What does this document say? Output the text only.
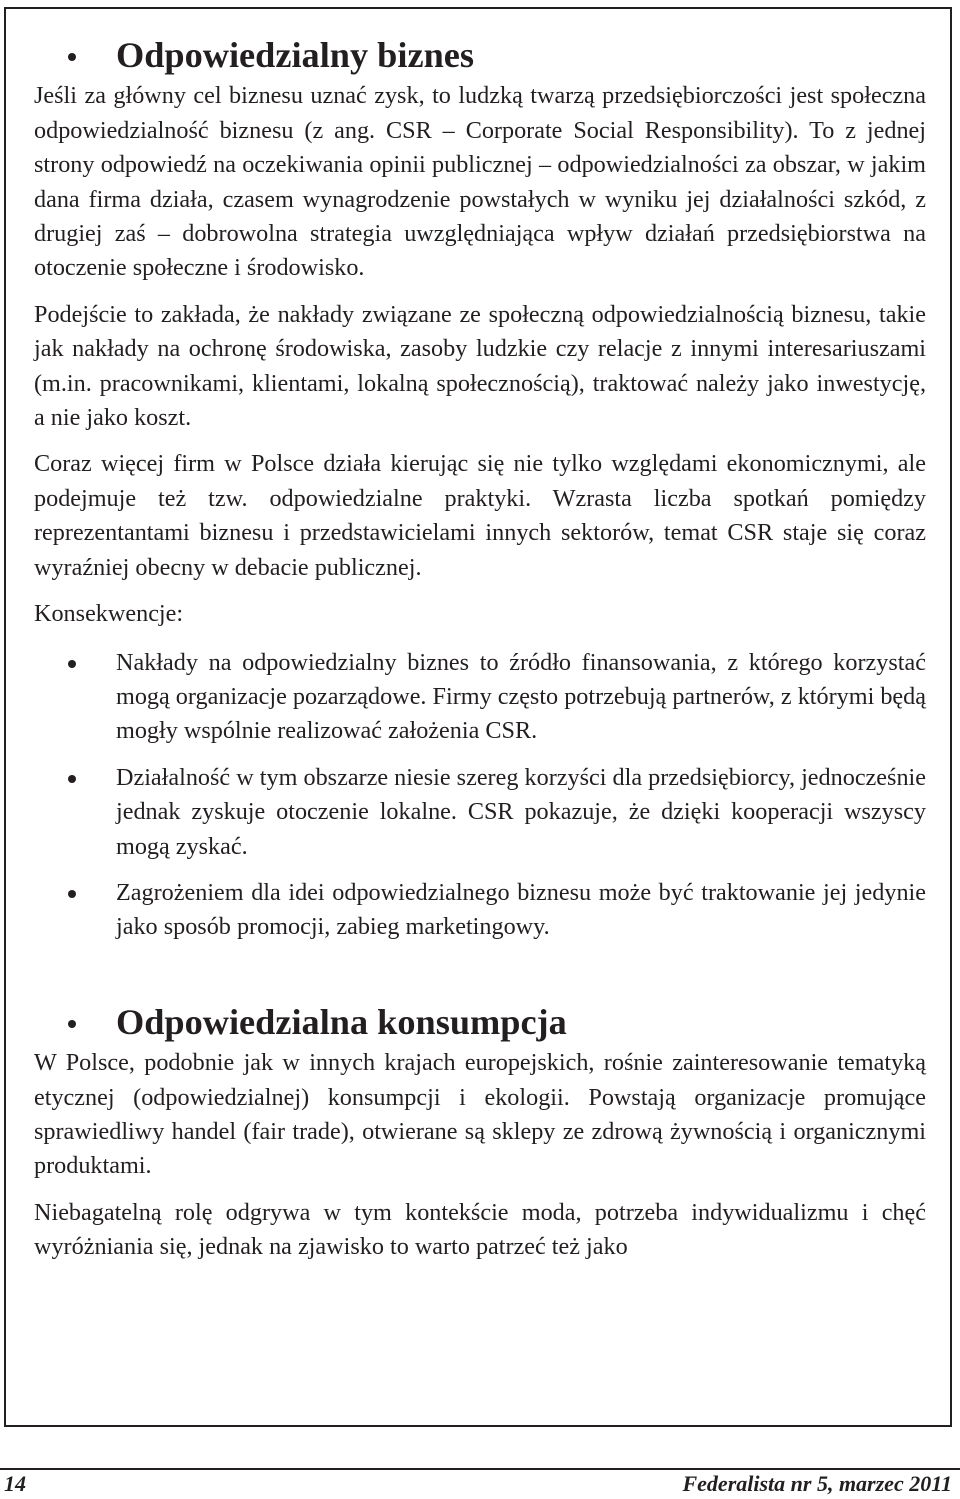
Odpowiedzialny biznes

Jeśli za główny cel biznesu uznać zysk, to ludzką twarzą przedsiębiorczości jest społeczna odpowiedzialność biznesu (z ang. CSR – Corporate Social Responsibility). To z jednej strony odpowiedź na oczekiwania opinii publicznej – odpowiedzialności za obszar, w jakim dana firma działa, czasem wynagrodzenie powstałych w wyniku jej działalności szkód, z drugiej zaś – dobrowolna strategia uwzględniająca wpływ działań przedsiębiorstwa na otoczenie społeczne i środowisko.

Podejście to zakłada, że nakłady związane ze społeczną odpowiedzialnością biznesu, takie jak nakłady na ochronę środowiska, zasoby ludzkie czy relacje z innymi interesariuszami (m.in. pracownikami, klientami, lokalną społecznością), traktować należy jako inwestycję, a nie jako koszt.

Coraz więcej firm w Polsce działa kierując się nie tylko względami ekonomicznymi, ale podejmuje też tzw. odpowiedzialne praktyki. Wzrasta liczba spotkań pomiędzy reprezentantami biznesu i przedstawicielami innych sektorów, temat CSR staje się coraz wyraźniej obecny w debacie publicznej.

Konsekwencje:

Nakłady na odpowiedzialny biznes to źródło finansowania, z którego korzystać mogą organizacje pozarządowe. Firmy często potrzebują partnerów, z którymi będą mogły wspólnie realizować założenia CSR.
Działalność w tym obszarze niesie szereg korzyści dla przedsiębiorcy, jednocześnie jednak zyskuje otoczenie lokalne. CSR pokazuje, że dzięki kooperacji wszyscy mogą zyskać.
Zagrożeniem dla idei odpowiedzialnego biznesu może być traktowanie jej jedynie jako sposób promocji, zabieg marketingowy.
Odpowiedzialna konsumpcja

W Polsce, podobnie jak w innych krajach europejskich, rośnie zainteresowanie tematyką etycznej (odpowiedzialnej) konsumpcji i ekologii. Powstają organizacje promujące sprawiedliwy handel (fair trade), otwierane są sklepy ze zdrową żywnością i organicznymi produktami.

Niebagatelną rolę odgrywa w tym kontekście moda, potrzeba indywidualizmu i chęć wyróżniania się, jednak na zjawisko to warto patrzeć też jako

14	Federalista nr 5, marzec 2011
